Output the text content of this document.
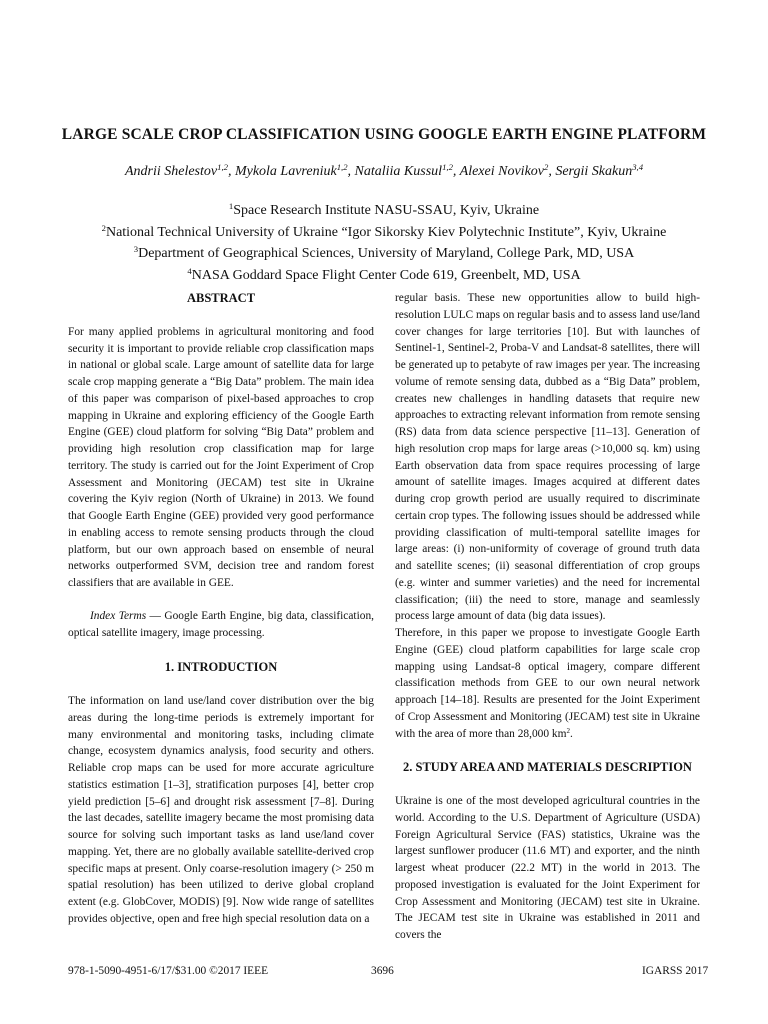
LARGE SCALE CROP CLASSIFICATION USING GOOGLE EARTH ENGINE PLATFORM
Andrii Shelestov$^{1,2}$, Mykola Lavreniuk$^{1,2}$, Nataliia Kussul$^{1,2}$, Alexei Novikov$^2$, Sergii Skakun$^{3,4}$
$^1$Space Research Institute NASU-SSAU, Kyiv, Ukraine
$^2$National Technical University of Ukraine “Igor Sikorsky Kiev Polytechnic Institute”, Kyiv, Ukraine
$^3$Department of Geographical Sciences, University of Maryland, College Park, MD, USA
$^4$NASA Goddard Space Flight Center Code 619, Greenbelt, MD, USA
ABSTRACT

For many applied problems in agricultural monitoring and food security it is important to provide reliable crop classification maps in national or global scale. Large amount of satellite data for large scale crop mapping generate a “Big Data” problem. The main idea of this paper was comparison of pixel-based approaches to crop mapping in Ukraine and exploring efficiency of the Google Earth Engine (GEE) cloud platform for solving “Big Data” problem and providing high resolution crop classification map for large territory. The study is carried out for the Joint Experiment of Crop Assessment and Monitoring (JECAM) test site in Ukraine covering the Kyiv region (North of Ukraine) in 2013. We found that Google Earth Engine (GEE) provided very good performance in enabling access to remote sensing products through the cloud platform, but our own approach based on ensemble of neural networks outperformed SVM, decision tree and random forest classifiers that are available in GEE.

Index Terms — Google Earth Engine, big data, classification, optical satellite imagery, image processing.

1. INTRODUCTION

The information on land use/land cover distribution over the big areas during the long-time periods is extremely important for many environmental and monitoring tasks, including climate change, ecosystem dynamics analysis, food security and others. Reliable crop maps can be used for more accurate agriculture statistics estimation [1–3], stratification purposes [4], better crop yield prediction [5–6] and drought risk assessment [7–8]. During the last decades, satellite imagery became the most promising data source for solving such important tasks as land use/land cover mapping. Yet, there are no globally available satellite-derived crop specific maps at present. Only coarse-resolution imagery (> 250 m spatial resolution) has been utilized to derive global cropland extent (e.g. GlobCover, MODIS) [9]. Now wide range of satellites provides objective, open and free high special resolution data on a

regular basis. These new opportunities allow to build high-resolution LULC maps on regular basis and to assess land use/land cover changes for large territories [10]. But with launches of Sentinel-1, Sentinel-2, Proba-V and Landsat-8 satellites, there will be generated up to petabyte of raw images per year. The increasing volume of remote sensing data, dubbed as a “Big Data” problem, creates new challenges in handling datasets that require new approaches to extracting relevant information from remote sensing (RS) data from data science perspective [11–13]. Generation of high resolution crop maps for large areas (>10,000 sq. km) using Earth observation data from space requires processing of large amount of satellite images. Images acquired at different dates during crop growth period are usually required to discriminate certain crop types. The following issues should be addressed while providing classification of multi-temporal satellite images for large areas: (i) non-uniformity of coverage of ground truth data and satellite scenes; (ii) seasonal differentiation of crop groups (e.g. winter and summer varieties) and the need for incremental classification; (iii) the need to store, manage and seamlessly process large amount of data (big data issues).

Therefore, in this paper we propose to investigate Google Earth Engine (GEE) cloud platform capabilities for large scale crop mapping using Landsat-8 optical imagery, compare different classification methods from GEE to our own neural network approach [14–18]. Results are presented for the Joint Experiment of Crop Assessment and Monitoring (JECAM) test site in Ukraine with the area of more than 28,000 $km^2$.

2. STUDY AREA AND MATERIALS DESCRIPTION

Ukraine is one of the most developed agricultural countries in the world. According to the U.S. Department of Agriculture (USDA) Foreign Agricultural Service (FAS) statistics, Ukraine was the largest sunflower producer (11.6 MT) and exporter, and the ninth largest wheat producer (22.2 MT) in the world in 2013. The proposed investigation is evaluated for the Joint Experiment for Crop Assessment and Monitoring (JECAM) test site in Ukraine. The JECAM test site in Ukraine was established in 2011 and covers the

978-1-5090-4951-6/17/$31.00 ©2017 IEEE	3696	IGARSS 2017
